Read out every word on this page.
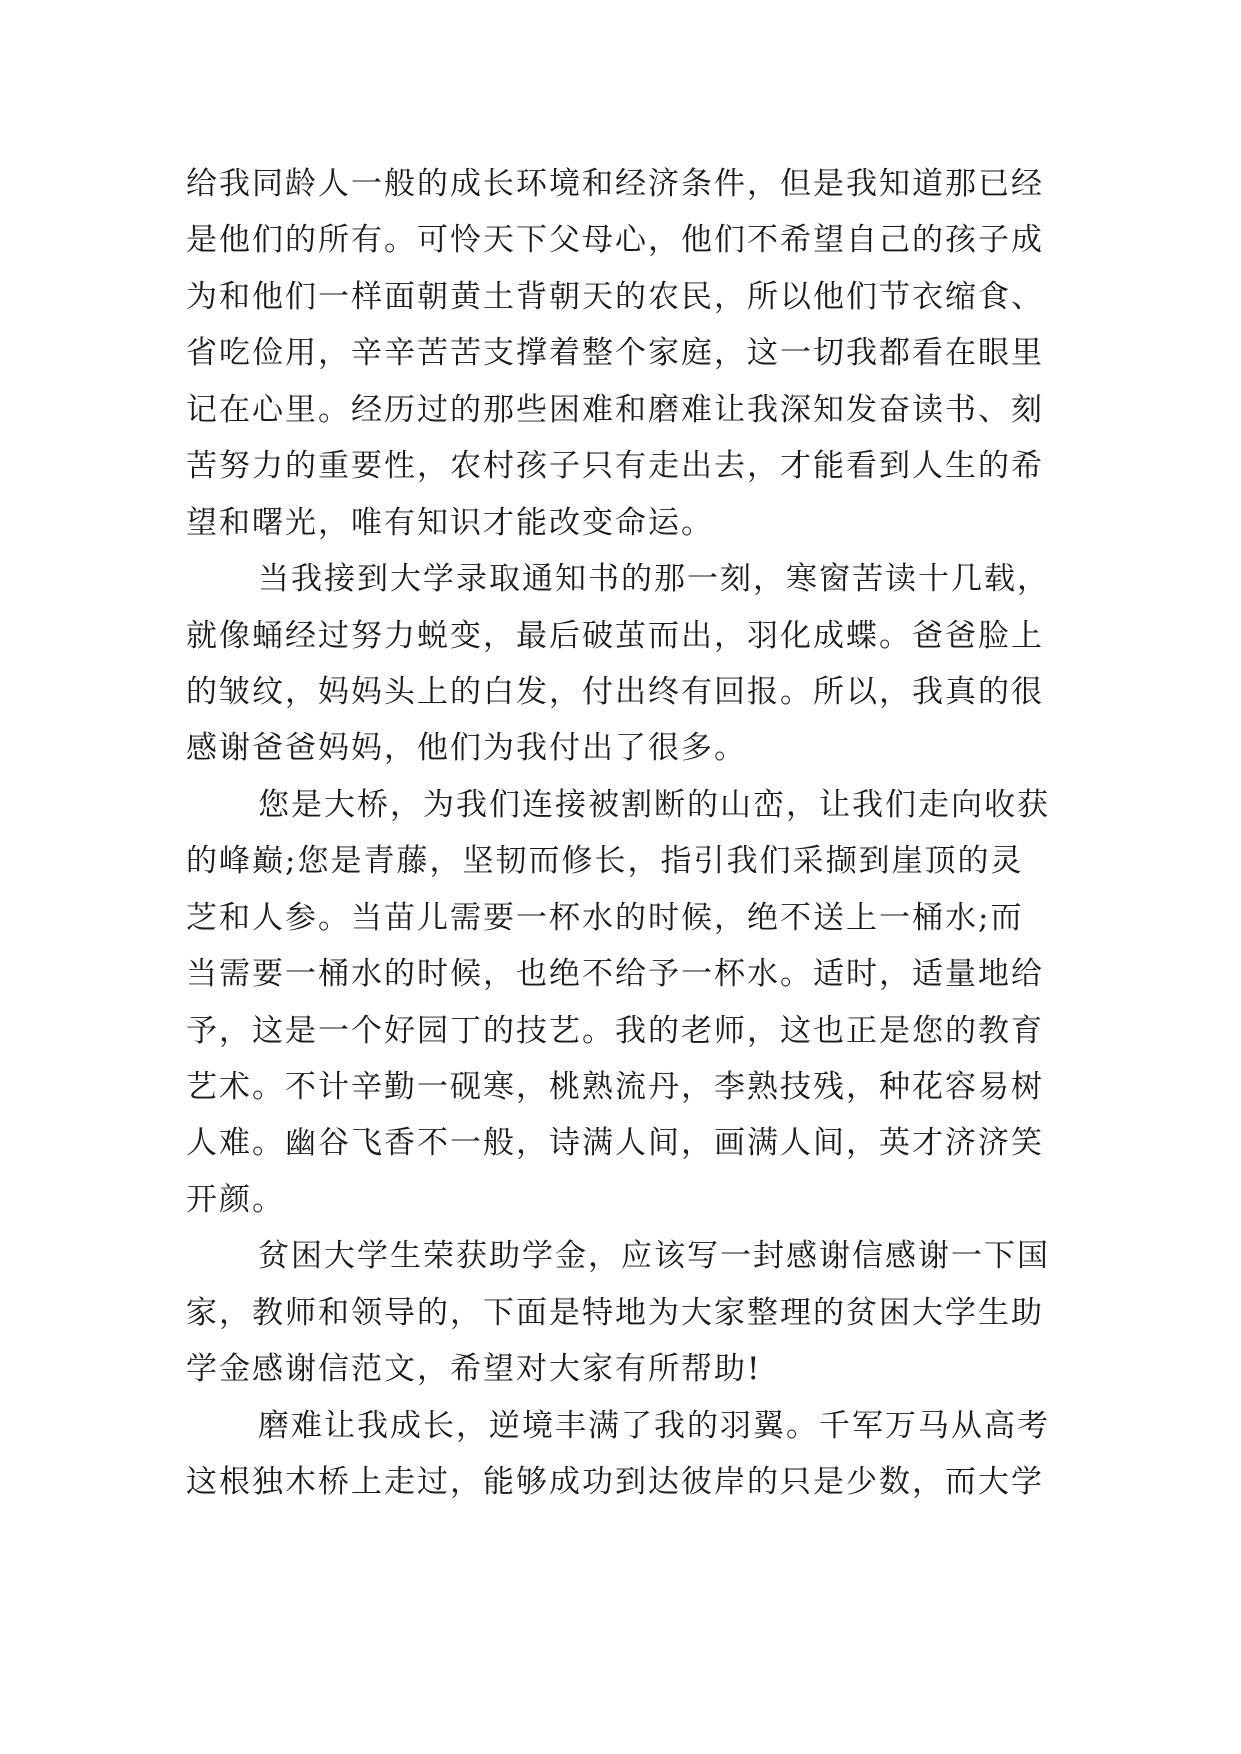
给我同龄人一般的成长环境和经济条件，但是我知道那已经
是他们的所有。可怜天下父母心，他们不希望自己的孩子成
为和他们一样面朝黄土背朝天的农民，所以他们节衣缩食、
省吃俭用，辛辛苦苦支撑着整个家庭，这一切我都看在眼里
记在心里。经历过的那些困难和磨难让我深知发奋读书、刻
苦努力的重要性，农村孩子只有走出去，才能看到人生的希
望和曙光，唯有知识才能改变命运。
当我接到大学录取通知书的那一刻，寒窗苦读十几载，
就像蛹经过努力蜕变，最后破茧而出，羽化成蝶。爸爸脸上
的皱纹，妈妈头上的白发，付出终有回报。所以，我真的很
感谢爸爸妈妈，他们为我付出了很多。
您是大桥，为我们连接被割断的山峦，让我们走向收获
的峰巅;您是青藤，坚韧而修长，指引我们采撷到崖顶的灵
芝和人参。当苗儿需要一杯水的时候，绝不送上一桶水;而
当需要一桶水的时候，也绝不给予一杯水。适时，适量地给
予，这是一个好园丁的技艺。我的老师，这也正是您的教育
艺术。不计辛勤一砚寒，桃熟流丹，李熟技残，种花容易树
人难。幽谷飞香不一般，诗满人间，画满人间，英才济济笑
开颜。
贫困大学生荣获助学金，应该写一封感谢信感谢一下国
家，教师和领导的，下面是特地为大家整理的贫困大学生助
学金感谢信范文，希望对大家有所帮助!
磨难让我成长，逆境丰满了我的羽翼。千军万马从高考
这根独木桥上走过，能够成功到达彼岸的只是少数，而大学
